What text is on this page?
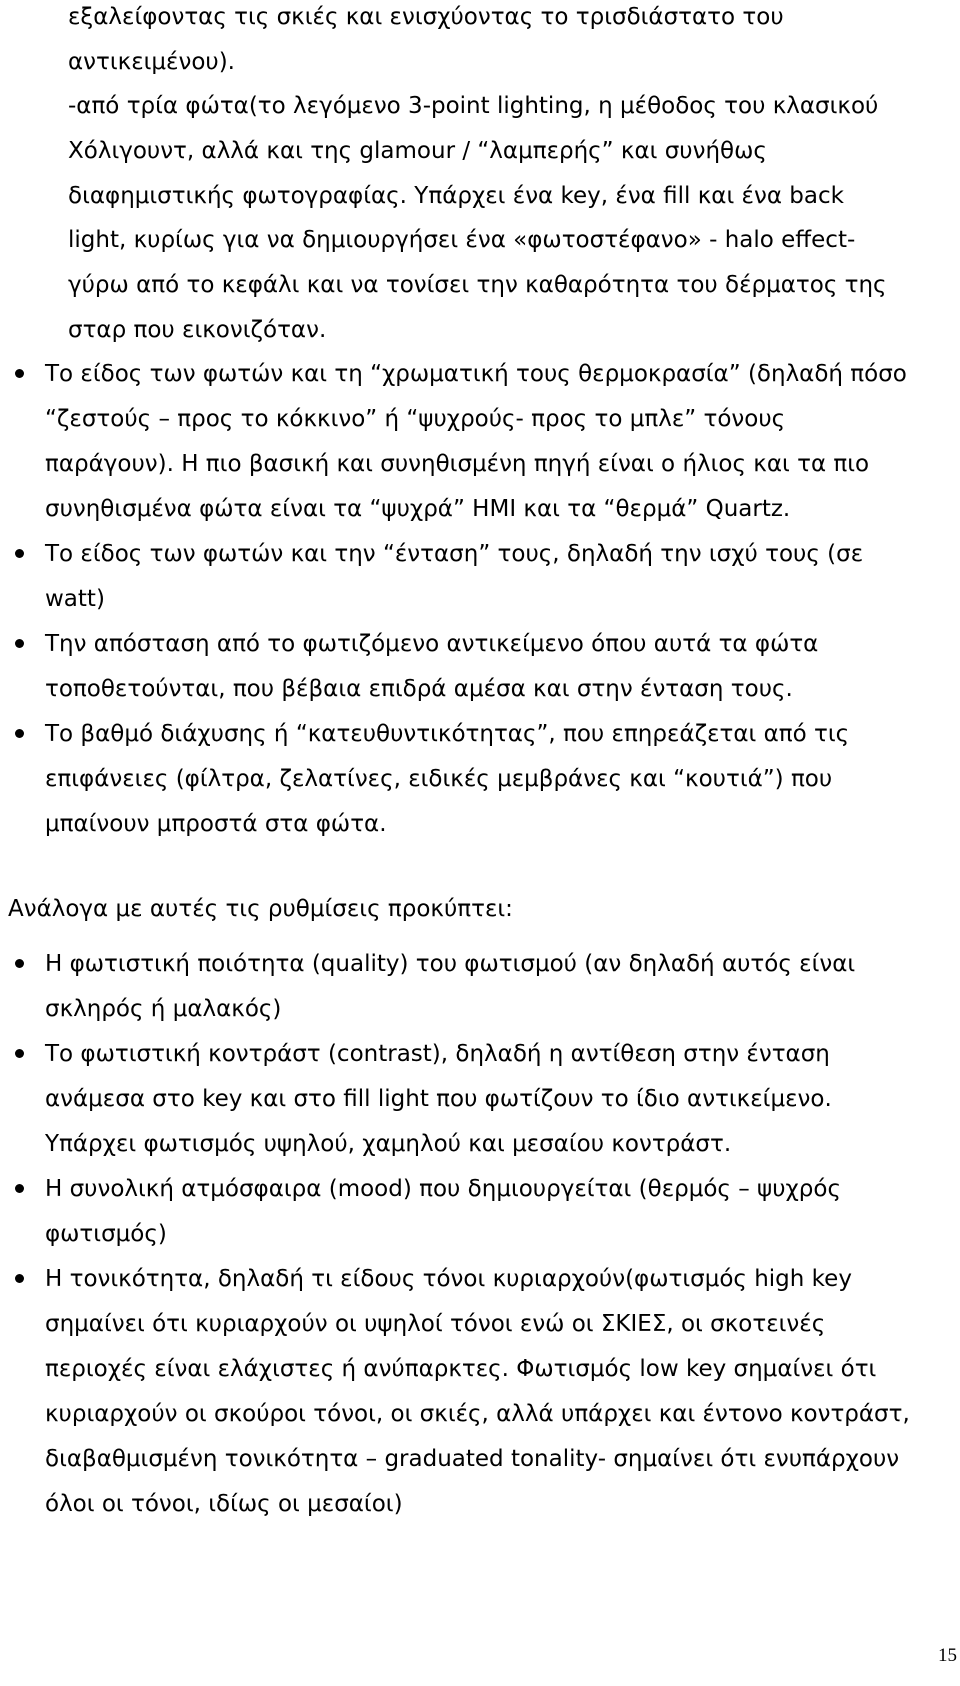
εξαλείφοντας τις σκιές και ενισχύοντας το τρισδιάστατο του
αντικειμένου).
-από τρία φώτα(το λεγόμενο 3-point lighting, η μέθοδος του κλασικού
Χόλιγουντ, αλλά και της glamour / “λαμπερής” και συνήθως
διαφημιστικής φωτογραφίας. Υπάρχει ένα key, ένα fill και ένα back
light, κυρίως για να δημιουργήσει ένα «φωτοστέφανο» - halo effect-
γύρω από το κεφάλι και να τονίσει την καθαρότητα του δέρματος της
σταρ που εικονιζόταν.
Το είδος των φωτών και τη “χρωματική τους θερμοκρασία” (δηλαδή πόσο
“ζεστούς – προς το κόκκινο” ή “ψυχρούς- προς το μπλε” τόνους
παράγουν). Η πιο βασική και συνηθισμένη πηγή είναι ο ήλιος και τα πιο
συνηθισμένα φώτα είναι τα “ψυχρά” HMI και τα “θερμά” Quartz.
Το είδος των φωτών και την “ένταση” τους, δηλαδή την ισχύ τους (σε
watt)
Την απόσταση από το φωτιζόμενο αντικείμενο όπου αυτά τα φώτα
τοποθετούνται, που βέβαια επιδρά αμέσα και στην ένταση τους.
Το βαθμό διάχυσης ή “κατευθυντικότητας”, που επηρεάζεται από τις
επιφάνειες (φίλτρα, ζελατίνες, ειδικές μεμβράνες και “κουτιά”) που
μπαίνουν μπροστά στα φώτα.
Ανάλογα με αυτές τις ρυθμίσεις προκύπτει:
Η φωτιστική ποιότητα (quality) του φωτισμού (αν δηλαδή αυτός είναι
σκληρός ή μαλακός)
Το φωτιστική κοντράστ (contrast), δηλαδή η αντίθεση στην ένταση
ανάμεσα στο key και στο fill light που φωτίζουν το ίδιο αντικείμενο.
Υπάρχει φωτισμός υψηλού, χαμηλού και μεσαίου κοντράστ.
Η συνολική ατμόσφαιρα (mood) που δημιουργείται (θερμός – ψυχρός
φωτισμός)
Η τονικότητα, δηλαδή τι είδους τόνοι κυριαρχούν(φωτισμός high key
σημαίνει ότι κυριαρχούν οι υψηλοί τόνοι ενώ οι ΣΚΙΕΣ, οι σκοτεινές
περιοχές είναι ελάχιστες ή ανύπαρκτες. Φωτισμός low key σημαίνει ότι
κυριαρχούν οι σκούροι τόνοι, οι σκιές, αλλά υπάρχει και έντονο κοντράστ,
διαβαθμισμένη τονικότητα – graduated tonality- σημαίνει ότι ενυπάρχουν
όλοι οι τόνοι, ιδίως οι μεσαίοι)
15
